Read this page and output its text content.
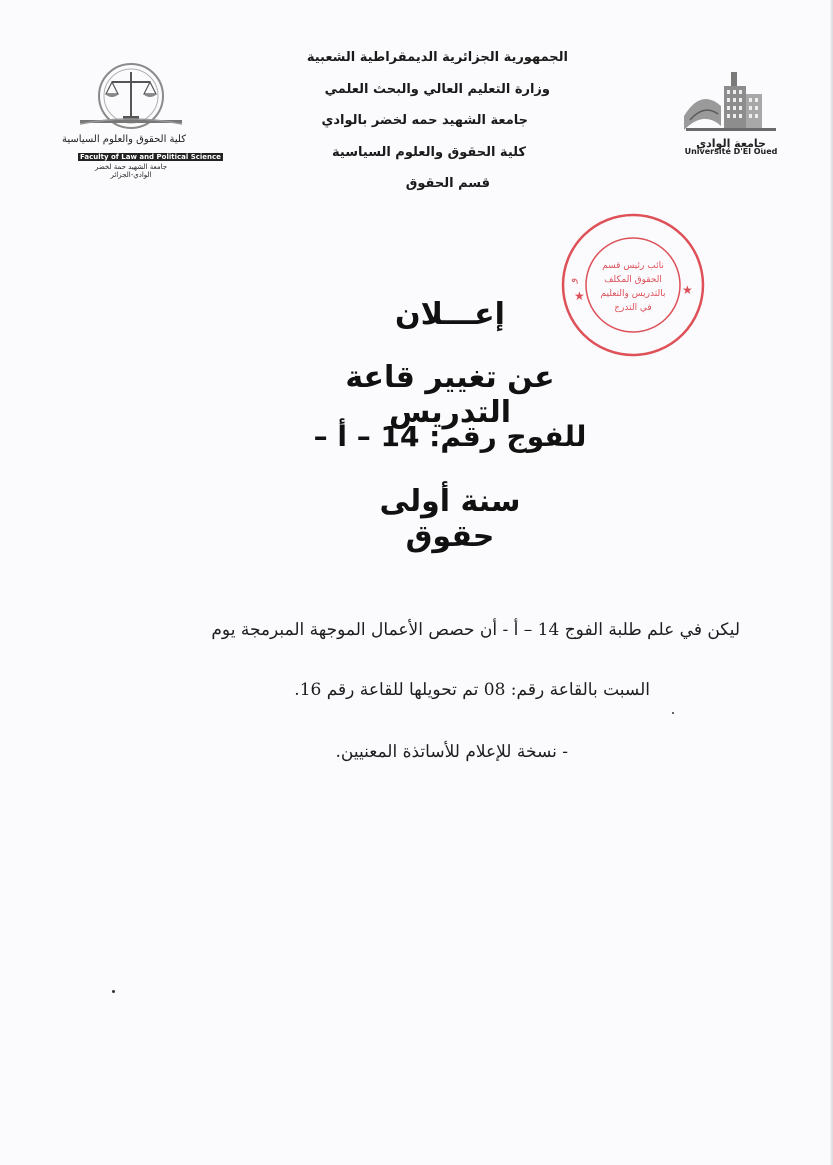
الجمهورية الجزائرية الديمقراطية الشعبية
وزارة التعليم العالي والبحث العلمي
جامعة الشهيد حمه لخضر بالوادي
كلية الحقوق والعلوم السياسية
قسم الحقوق
جامعة الوادي
Université D'El Oued
كلية الحقوق والعلوم السياسية
Faculty of Law and Political Science
جامعة الشهيد حمة لخضر
الوادي-الجزائر
و
★	★
نائب رئيس قسم
الحقوق المكلف
بالتدريس والتعليم
في التدرج
إعـــلان
عن تغيير قاعة التدريس
للفوج رقم: 14 – أ –
سنة أولى حقوق
ليكن في علم طلبة الفوج 14 – أ - أن حصص الأعمال الموجهة المبرمجة يوم
السبت بالقاعة رقم: 08 تم تحويلها للقاعة رقم 16.
- نسخة للإعلام للأساتذة المعنيين.
